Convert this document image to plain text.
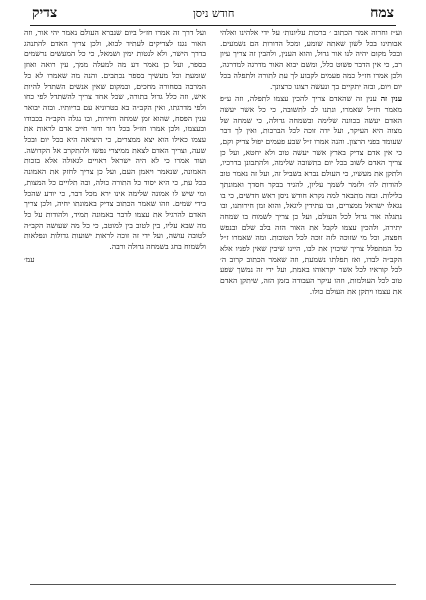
צמח
חודש ניסן
צדיק

וע״ז וחרוה אמר הכתוב ׳ ברכות עליונות׳ על ידי אלהינו ואלהי אבותינו בכל לשון שאתה שומע, ומכל הדורות הם נשמעים. ובכל מקום יהיה לנו אור גדול, והוא הענין, ולהבין זה צריך עיון רב, כי אין הדבר פשוט כלל, ומשם יבוא האור מדרגה למדרגה, ולכן אמרו חז״ל כמה פעמים לקבוע לך עת לתורה ולתפלה בכל יום ויום, ובזה יתקיים בך ונעשה רצונו כרצונך.

ענין זה ענין זה שהאדם צריך להכין עצמו לתפלה, וזה ע״פ מאמר חז״ל שאמרו, ונתנו לב לתשובה, כי כל אשר יעשה האדם יעשה בכוונה שלימה ובשמחה גדולה, כי שמחה של מצוה היא העיקר, ועל ידה זוכה לכל הברכות, ואין לך דבר שעומד בפני הרצון. והנה אמרו ז״ל שבע פעמים יפול צדיק וקם, כי אין אדם צדיק בארץ אשר יעשה טוב ולא יחטא, ועל כן צריך האדם לשוב בכל יום בתשובה שלימה, ולהתבונן בדרכיו, ולתקן את מעשיו, כי העולם נברא בשביל זה, ועל זה נאמר טוב להודות לה׳ ולזמר לשמך עליון, להגיד בבקר חסדך ואמונתך בלילות. ובזה מתבאר למה נקרא חודש ניסן ראש חדשים, כי בו נגאלו ישראל ממצרים, ובו עתידין ליגאל, והוא זמן חירותנו, ובו נתגלה אור גדול לכל העולם, ועל כן צריך לשמוח בו שמחה יתירה, ולהכין עצמו לקבל את האור הזה בלב שלם ובנפש חפצה, וכל מי שזוכה לזה זוכה לכל הטובות. ומה שאמרו ז״ל כל המתפלל צריך שיכוין את לבו, היינו שיבין שאין לפניו אלא הקב״ה לבדו, ואז תפלתו נשמעת, וזה שאמר הכתוב קרוב ה׳ לכל קוראיו לכל אשר יקראוהו באמת, ועל ידי זה נמשך שפע טוב לכל העולמות, וזהו עיקר העבודה בזמן הזה, שיתקן האדם את עצמו ויתקן את העולם כולו.

ועל דרך זה אמרו חז״ל ביום שנברא העולם נאמר יהי אור, וזה האור נגנז לצדיקים לעתיד לבוא, ולכן צריך האדם להתנהג בדרך הישר, ולא לנטות ימין ושמאל, כי כל המעשים נרשמים בספר, ועל כן נאמר דע מה למעלה ממך, עין רואה ואוזן שומעת וכל מעשיך בספר נכתבים. והנה מה שאמרו לא כל המרבה בסחורה מחכים, ובמקום שאין אנשים השתדל להיות איש, וזה כלל גדול בתורה, שכל אחד צריך להשתדל לפי כחו ולפי מדרגתו, ואין הקב״ה בא בטרוניא עם בריותיו. ובזה יבואר ענין הפסח, שהוא זמן שמחה וחירות, ובו נגלה הקב״ה בכבודו ובעצמו, ולכן אמרו חז״ל בכל דור ודור חייב אדם לראות את עצמו כאילו הוא יצא ממצרים, כי היציאה היא בכל יום ובכל שעה, וצריך האדם לצאת ממיצרי נפשו ולהתקרב אל הקדושה. ועוד אמרו כי לא היה ישראל ראויים לגאולה אלא בזכות האמונה, שנאמר ויאמן העם, ועל כן צריך לחזק את האמונה בכל עת, כי היא יסוד כל התורה כולה, ובה תלויים כל המצות, ומי שיש לו אמונה שלימה אינו ירא מכל דבר, כי יודע שהכל בידי שמים. וזהו שאמר הכתוב צדיק באמונתו יחיה, ולכן צריך האדם להרגיל את עצמו לדבר באמונה תמיד, ולהודות על כל מה שבא עליו, בין לטוב בין למוטב, כי כל מה שעושה הקב״ה לטובה עושה, ועל ידי זה זוכה לראות ישועות גדולות ונפלאות ולשמוח בחג בשמחה גדולה ורבה.

עמ׳
